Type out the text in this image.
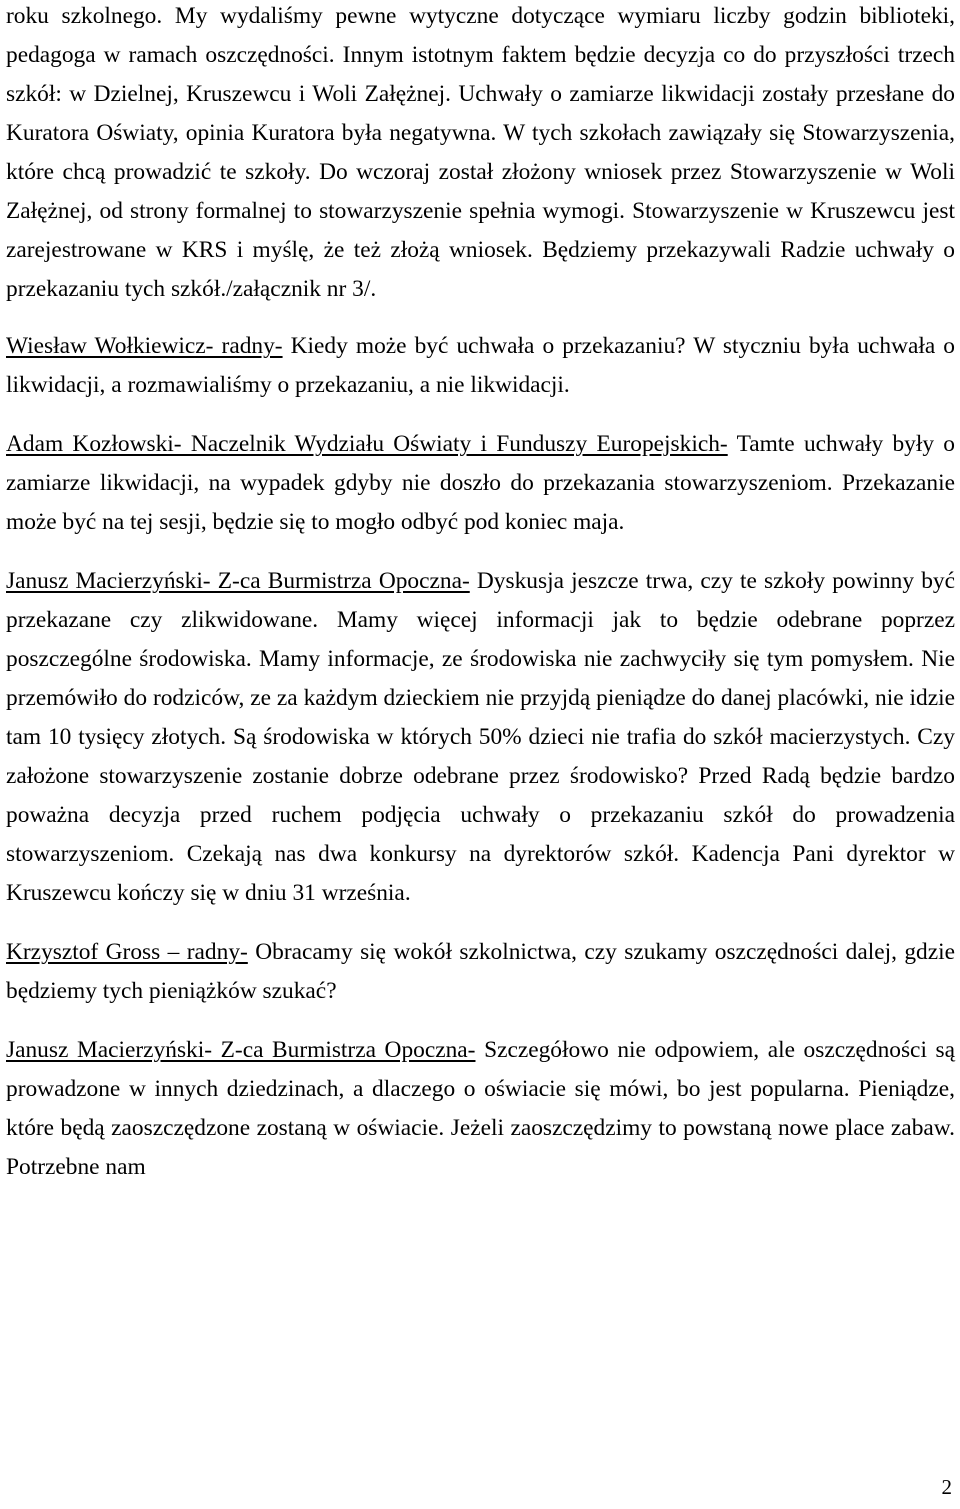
roku szkolnego. My wydaliśmy pewne wytyczne dotyczące wymiaru liczby godzin biblioteki, pedagoga w ramach oszczędności. Innym istotnym faktem będzie decyzja co do przyszłości trzech szkół: w Dzielnej, Kruszewcu i Woli Załężnej. Uchwały o zamiarze likwidacji zostały przesłane do Kuratora Oświaty, opinia Kuratora była negatywna. W tych szkołach zawiązały się Stowarzyszenia, które chcą prowadzić te szkoły. Do wczoraj został złożony wniosek przez Stowarzyszenie w Woli Załężnej, od strony formalnej to stowarzyszenie spełnia wymogi. Stowarzyszenie w Kruszewcu jest zarejestrowane w KRS i myślę, że też złożą wniosek. Będziemy przekazywali Radzie uchwały o przekazaniu tych szkół./załącznik nr 3/.

Wiesław Wołkiewicz- radny- Kiedy może być uchwała o przekazaniu? W styczniu była uchwała o likwidacji, a rozmawialiśmy o przekazaniu, a nie likwidacji.

Adam Kozłowski- Naczelnik Wydziału Oświaty i Funduszy Europejskich- Tamte uchwały były o zamiarze likwidacji, na wypadek gdyby nie doszło do przekazania stowarzyszeniom. Przekazanie może być na tej sesji, będzie się to mogło odbyć pod koniec maja.

Janusz Macierzyński- Z-ca Burmistrza Opoczna- Dyskusja jeszcze trwa, czy te szkoły powinny być przekazane czy zlikwidowane. Mamy więcej informacji jak to będzie odebrane poprzez poszczególne środowiska. Mamy informacje, ze środowiska nie zachwyciły się tym pomysłem. Nie przemówiło do rodziców, ze za każdym dzieckiem nie przyjdą pieniądze do danej placówki, nie idzie tam 10 tysięcy złotych. Są środowiska w których 50% dzieci nie trafia do szkół macierzystych. Czy założone stowarzyszenie zostanie dobrze odebrane przez środowisko? Przed Radą będzie bardzo poważna decyzja przed ruchem podjęcia uchwały o przekazaniu szkół do prowadzenia stowarzyszeniom. Czekają nas dwa konkursy na dyrektorów szkół. Kadencja Pani dyrektor w Kruszewcu kończy się w dniu 31 września.

Krzysztof Gross – radny- Obracamy się wokół szkolnictwa, czy szukamy oszczędności dalej, gdzie będziemy tych pieniążków szukać?

Janusz Macierzyński- Z-ca Burmistrza Opoczna- Szczegółowo nie odpowiem, ale oszczędności są prowadzone w innych dziedzinach, a dlaczego o oświacie się mówi, bo jest popularna. Pieniądze, które będą zaoszczędzone zostaną w oświacie. Jeżeli zaoszczędzimy to powstaną nowe place zabaw. Potrzebne nam

2
